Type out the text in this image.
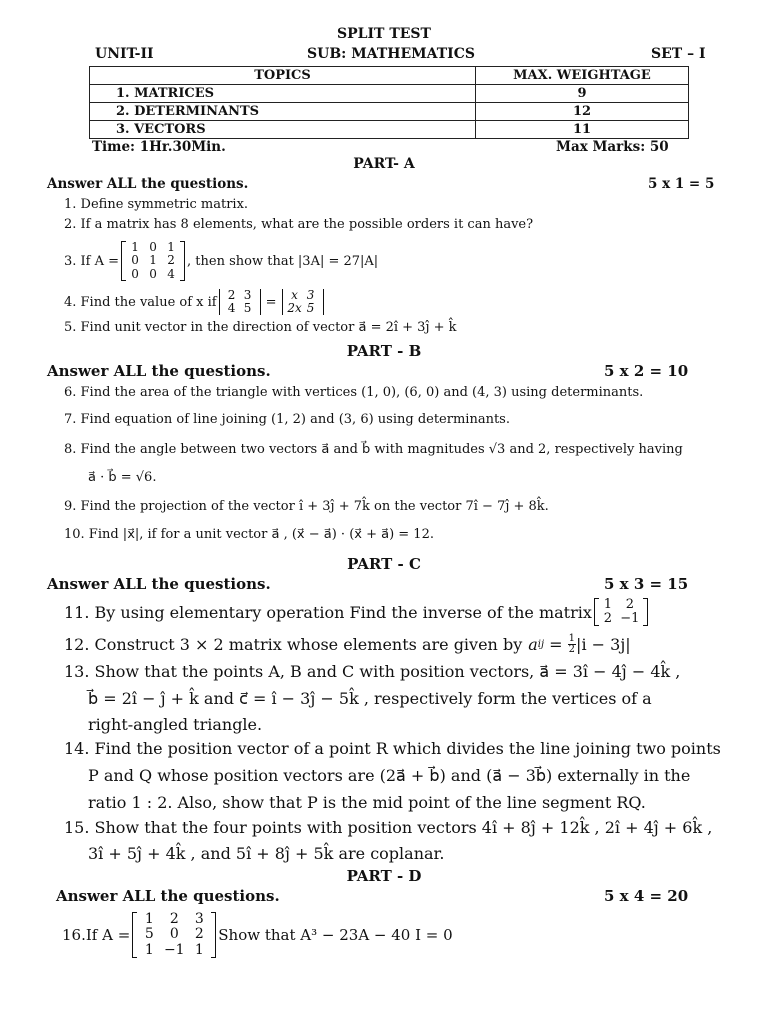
SPLIT TEST
UNIT-II	SUB: MATHEMATICS	SET – I
TOPICS	MAX. WEIGHTAGE
1. MATRICES	9
2. DETERMINANTS	12
3. VECTORS	11
Time: 1Hr.30Min.	Max Marks: 50
PART- A
Answer ALL the questions.	5 x 1 = 5
1. Define symmetric matrix.
2. If a matrix has 8 elements, what are the possible orders it can have?
3. If A =
1 0 1
0 1 2
0 0 4
, then show that |3A| = 27|A|
4. Find the value of x if 2 3
4 5	=	x 3
2x 5
5. Find unit vector in the direction of vector a⃗ = 2î + 3ĵ + k̂
PART - B
Answer ALL the questions.	5 x 2 = 10
6. Find the area of the triangle with vertices (1, 0), (6, 0) and (4, 3) using determinants.
7. Find equation of line joining (1, 2) and (3, 6) using determinants.
8. Find the angle between two vectors a⃗ and b⃗ with magnitudes √3 and 2, respectively having
a⃗ · b⃗ = √6.
9. Find the projection of the vector î + 3ĵ + 7k̂ on the vector 7î − 7ĵ + 8k̂.
10. Find |x⃗|, if for a unit vector a⃗ , (x⃗ − a⃗) · (x⃗ + a⃗) = 12.
PART - C
Answer ALL the questions.	5 x 3 = 15
11. By using elementary operation Find the inverse of the matrix 1	2
2 −1
12. Construct 3 × 2 matrix whose elements are given by a ij = $\frac{1}{2} |i - 3j|$
13. Show that the points A, B and C with position vectors, a⃗ = 3î − 4ĵ − 4k̂ ,
b⃗ = 2î − ĵ + k̂ and c⃗ = î − 3ĵ − 5k̂ , respectively form the vertices of a
right-angled triangle.
14. Find the position vector of a point R which divides the line joining two points
P and Q whose position vectors are (2a⃗ + b⃗) and (a⃗ − 3b⃗) externally in the
ratio 1 : 2. Also, show that P is the mid point of the line segment RQ.
15. Show that the four points with position vectors 4î + 8ĵ + 12k̂ , 2î + 4ĵ + 6k̂ ,
3î + 5ĵ + 4k̂ , and 5î + 8ĵ + 5k̂ are coplanar.
PART - D
Answer ALL the questions.	5 x 4 = 20
16.If A =
1	2	3
5	0	2
1 −1 1
Show that A³ − 23A − 40 I = 0
